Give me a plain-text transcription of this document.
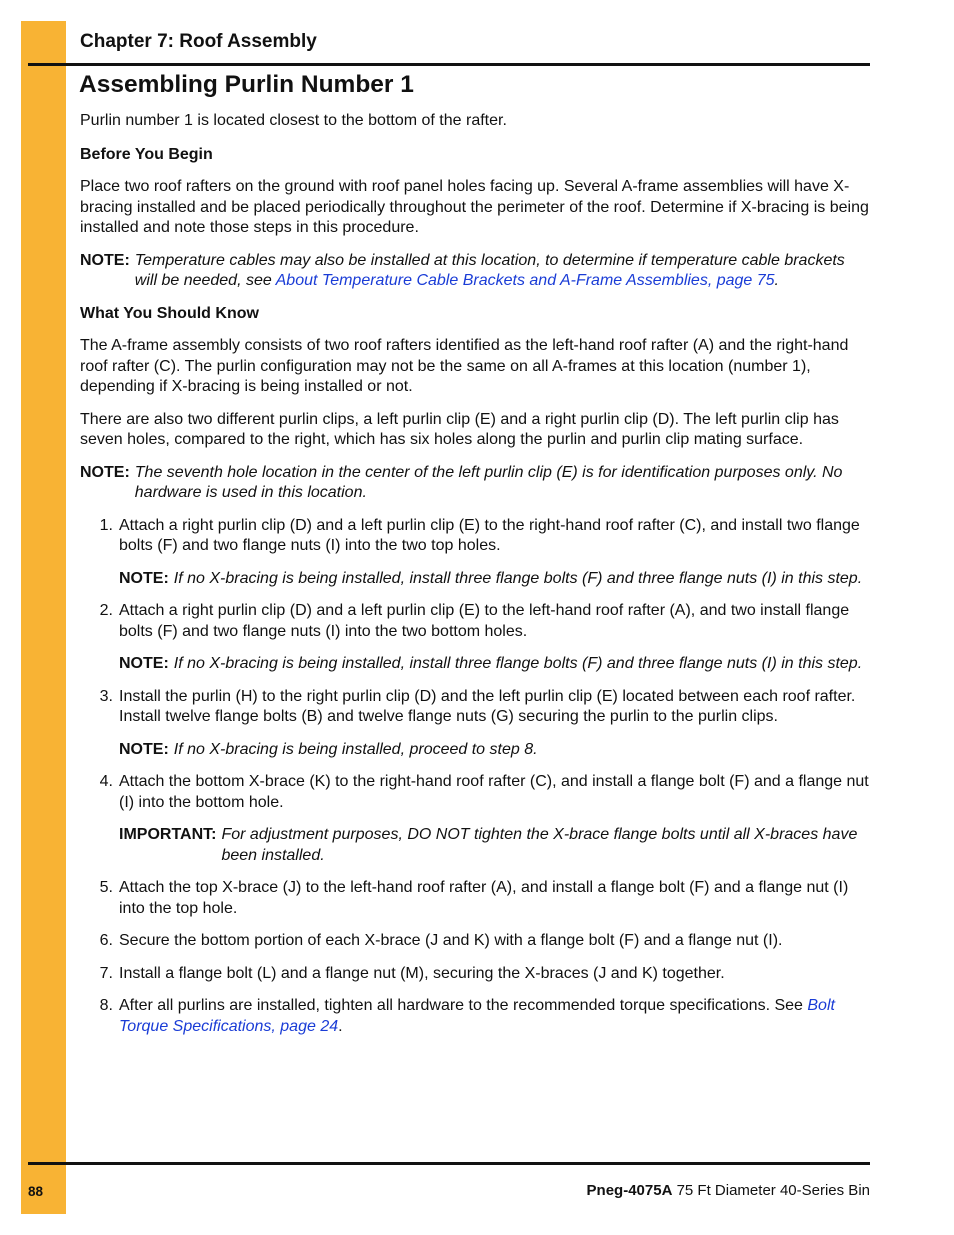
Chapter 7: Roof Assembly
Assembling Purlin Number 1

Purlin number 1 is located closest to the bottom of the rafter.

Before You Begin

Place two roof rafters on the ground with roof panel holes facing up. Several A-frame assemblies will have X-bracing installed and be placed periodically throughout the perimeter of the roof. Determine if X-bracing is being installed and note those steps in this procedure.

NOTE: Temperature cables may also be installed at this location, to determine if temperature cable brackets will be needed, see About Temperature Cable Brackets and A-Frame Assemblies, page 75.

What You Should Know

The A-frame assembly consists of two roof rafters identified as the left-hand roof rafter (A) and the right-hand roof rafter (C). The purlin configuration may not be the same on all A-frames at this location (number 1), depending if X-bracing is being installed or not.

There are also two different purlin clips, a left purlin clip (E) and a right purlin clip (D). The left purlin clip has seven holes, compared to the right, which has six holes along the purlin and purlin clip mating surface.

NOTE: The seventh hole location in the center of the left purlin clip (E) is for identification purposes only. No hardware is used in this location.
1. Attach a right purlin clip (D) and a left purlin clip (E) to the right-hand roof rafter (C), and install two flange bolts (F) and two flange nuts (I) into the two top holes.
NOTE: If no X-bracing is being installed, install three flange bolts (F) and three flange nuts (I) in this step.
2. Attach a right purlin clip (D) and a left purlin clip (E) to the left-hand roof rafter (A), and two install flange bolts (F) and two flange nuts (I) into the two bottom holes.
NOTE: If no X-bracing is being installed, install three flange bolts (F) and three flange nuts (I) in this step.
3. Install the purlin (H) to the right purlin clip (D) and the left purlin clip (E) located between each roof rafter. Install twelve flange bolts (B) and twelve flange nuts (G) securing the purlin to the purlin clips.
NOTE: If no X-bracing is being installed, proceed to step 8.
4. Attach the bottom X-brace (K) to the right-hand roof rafter (C), and install a flange bolt (F) and a flange nut (I) into the bottom hole.
IMPORTANT: For adjustment purposes, DO NOT tighten the X-brace flange bolts until all X-braces have been installed.
5. Attach the top X-brace (J) to the left-hand roof rafter (A), and install a flange bolt (F) and a flange nut (I) into the top hole.
6. Secure the bottom portion of each X-brace (J and K) with a flange bolt (F) and a flange nut (I).
7. Install a flange bolt (L) and a flange nut (M), securing the X-braces (J and K) together.
8. After all purlins are installed, tighten all hardware to the recommended torque specifications. See Bolt Torque Specifications, page 24.
88	Pneg-4075A 75 Ft Diameter 40-Series Bin
